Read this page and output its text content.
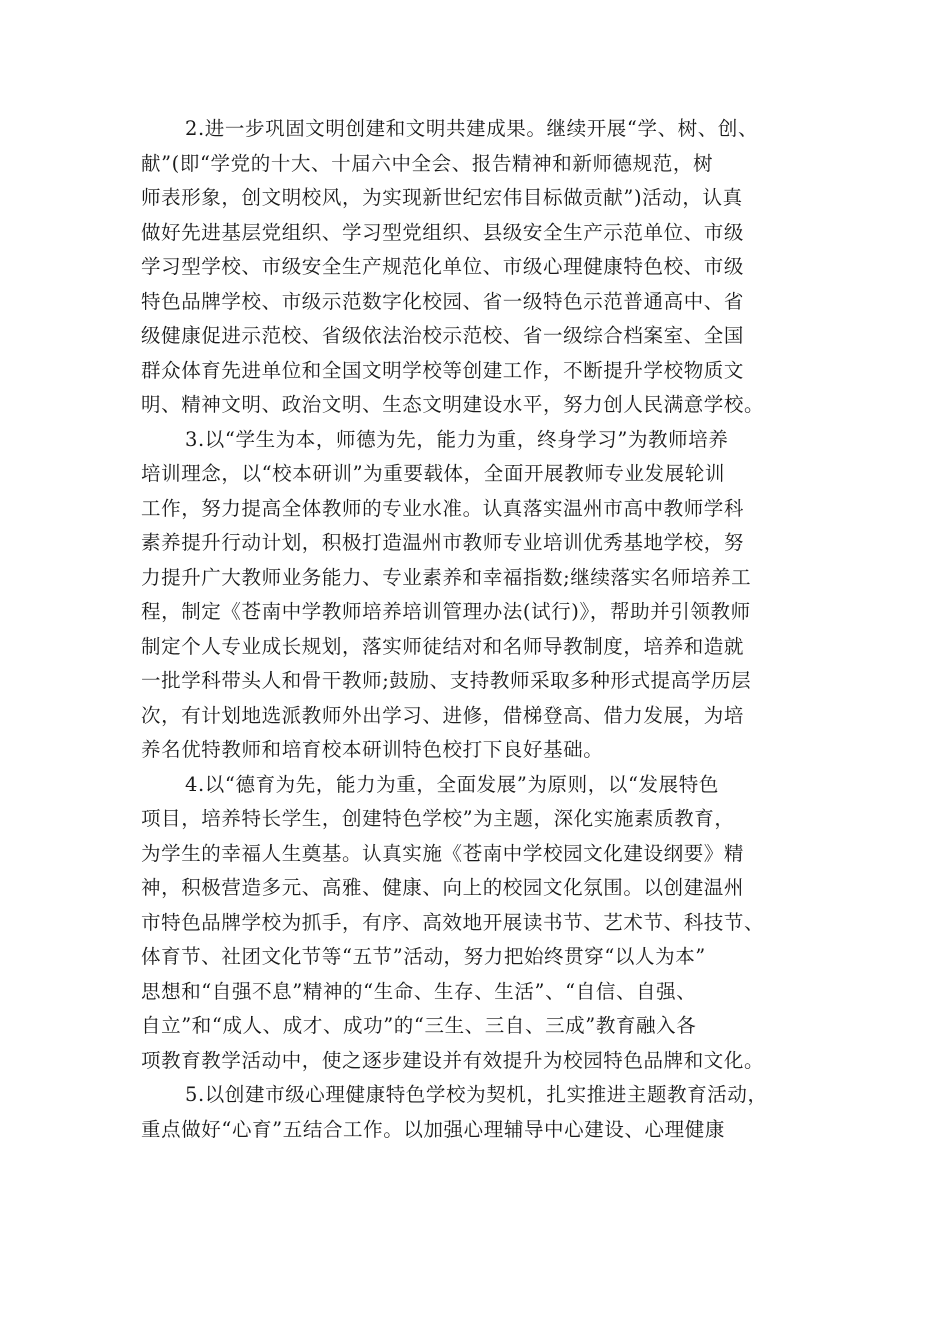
2.进一步巩固文明创建和文明共建成果。继续开展“学、树、创、
献”(即“学党的十大、十届六中全会、报告精神和新师德规范，树
师表形象，创文明校风，为实现新世纪宏伟目标做贡献”)活动，认真
做好先进基层党组织、学习型党组织、县级安全生产示范单位、市级
学习型学校、市级安全生产规范化单位、市级心理健康特色校、市级
特色品牌学校、市级示范数字化校园、省一级特色示范普通高中、省
级健康促进示范校、省级依法治校示范校、省一级综合档案室、全国
群众体育先进单位和全国文明学校等创建工作，不断提升学校物质文
明、精神文明、政治文明、生态文明建设水平，努力创人民满意学校。
3.以“学生为本，师德为先，能力为重，终身学习”为教师培养
培训理念，以“校本研训”为重要载体，全面开展教师专业发展轮训
工作，努力提高全体教师的专业水准。认真落实温州市高中教师学科
素养提升行动计划，积极打造温州市教师专业培训优秀基地学校，努
力提升广大教师业务能力、专业素养和幸福指数;继续落实名师培养工
程，制定《苍南中学教师培养培训管理办法(试行)》，帮助并引领教师
制定个人专业成长规划，落实师徒结对和名师导教制度，培养和造就
一批学科带头人和骨干教师;鼓励、支持教师采取多种形式提高学历层
次，有计划地选派教师外出学习、进修，借梯登高、借力发展，为培
养名优特教师和培育校本研训特色校打下良好基础。
4.以“德育为先，能力为重，全面发展”为原则，以“发展特色
项目，培养特长学生，创建特色学校”为主题，深化实施素质教育，
为学生的幸福人生奠基。认真实施《苍南中学校园文化建设纲要》精
神，积极营造多元、高雅、健康、向上的校园文化氛围。以创建温州
市特色品牌学校为抓手，有序、高效地开展读书节、艺术节、科技节、
体育节、社团文化节等“五节”活动，努力把始终贯穿“以人为本”
思想和“自强不息”精神的“生命、生存、生活”、“自信、自强、
自立”和“成人、成才、成功”的“三生、三自、三成”教育融入各
项教育教学活动中，使之逐步建设并有效提升为校园特色品牌和文化。
5.以创建市级心理健康特色学校为契机，扎实推进主题教育活动，
重点做好“心育”五结合工作。以加强心理辅导中心建设、心理健康
